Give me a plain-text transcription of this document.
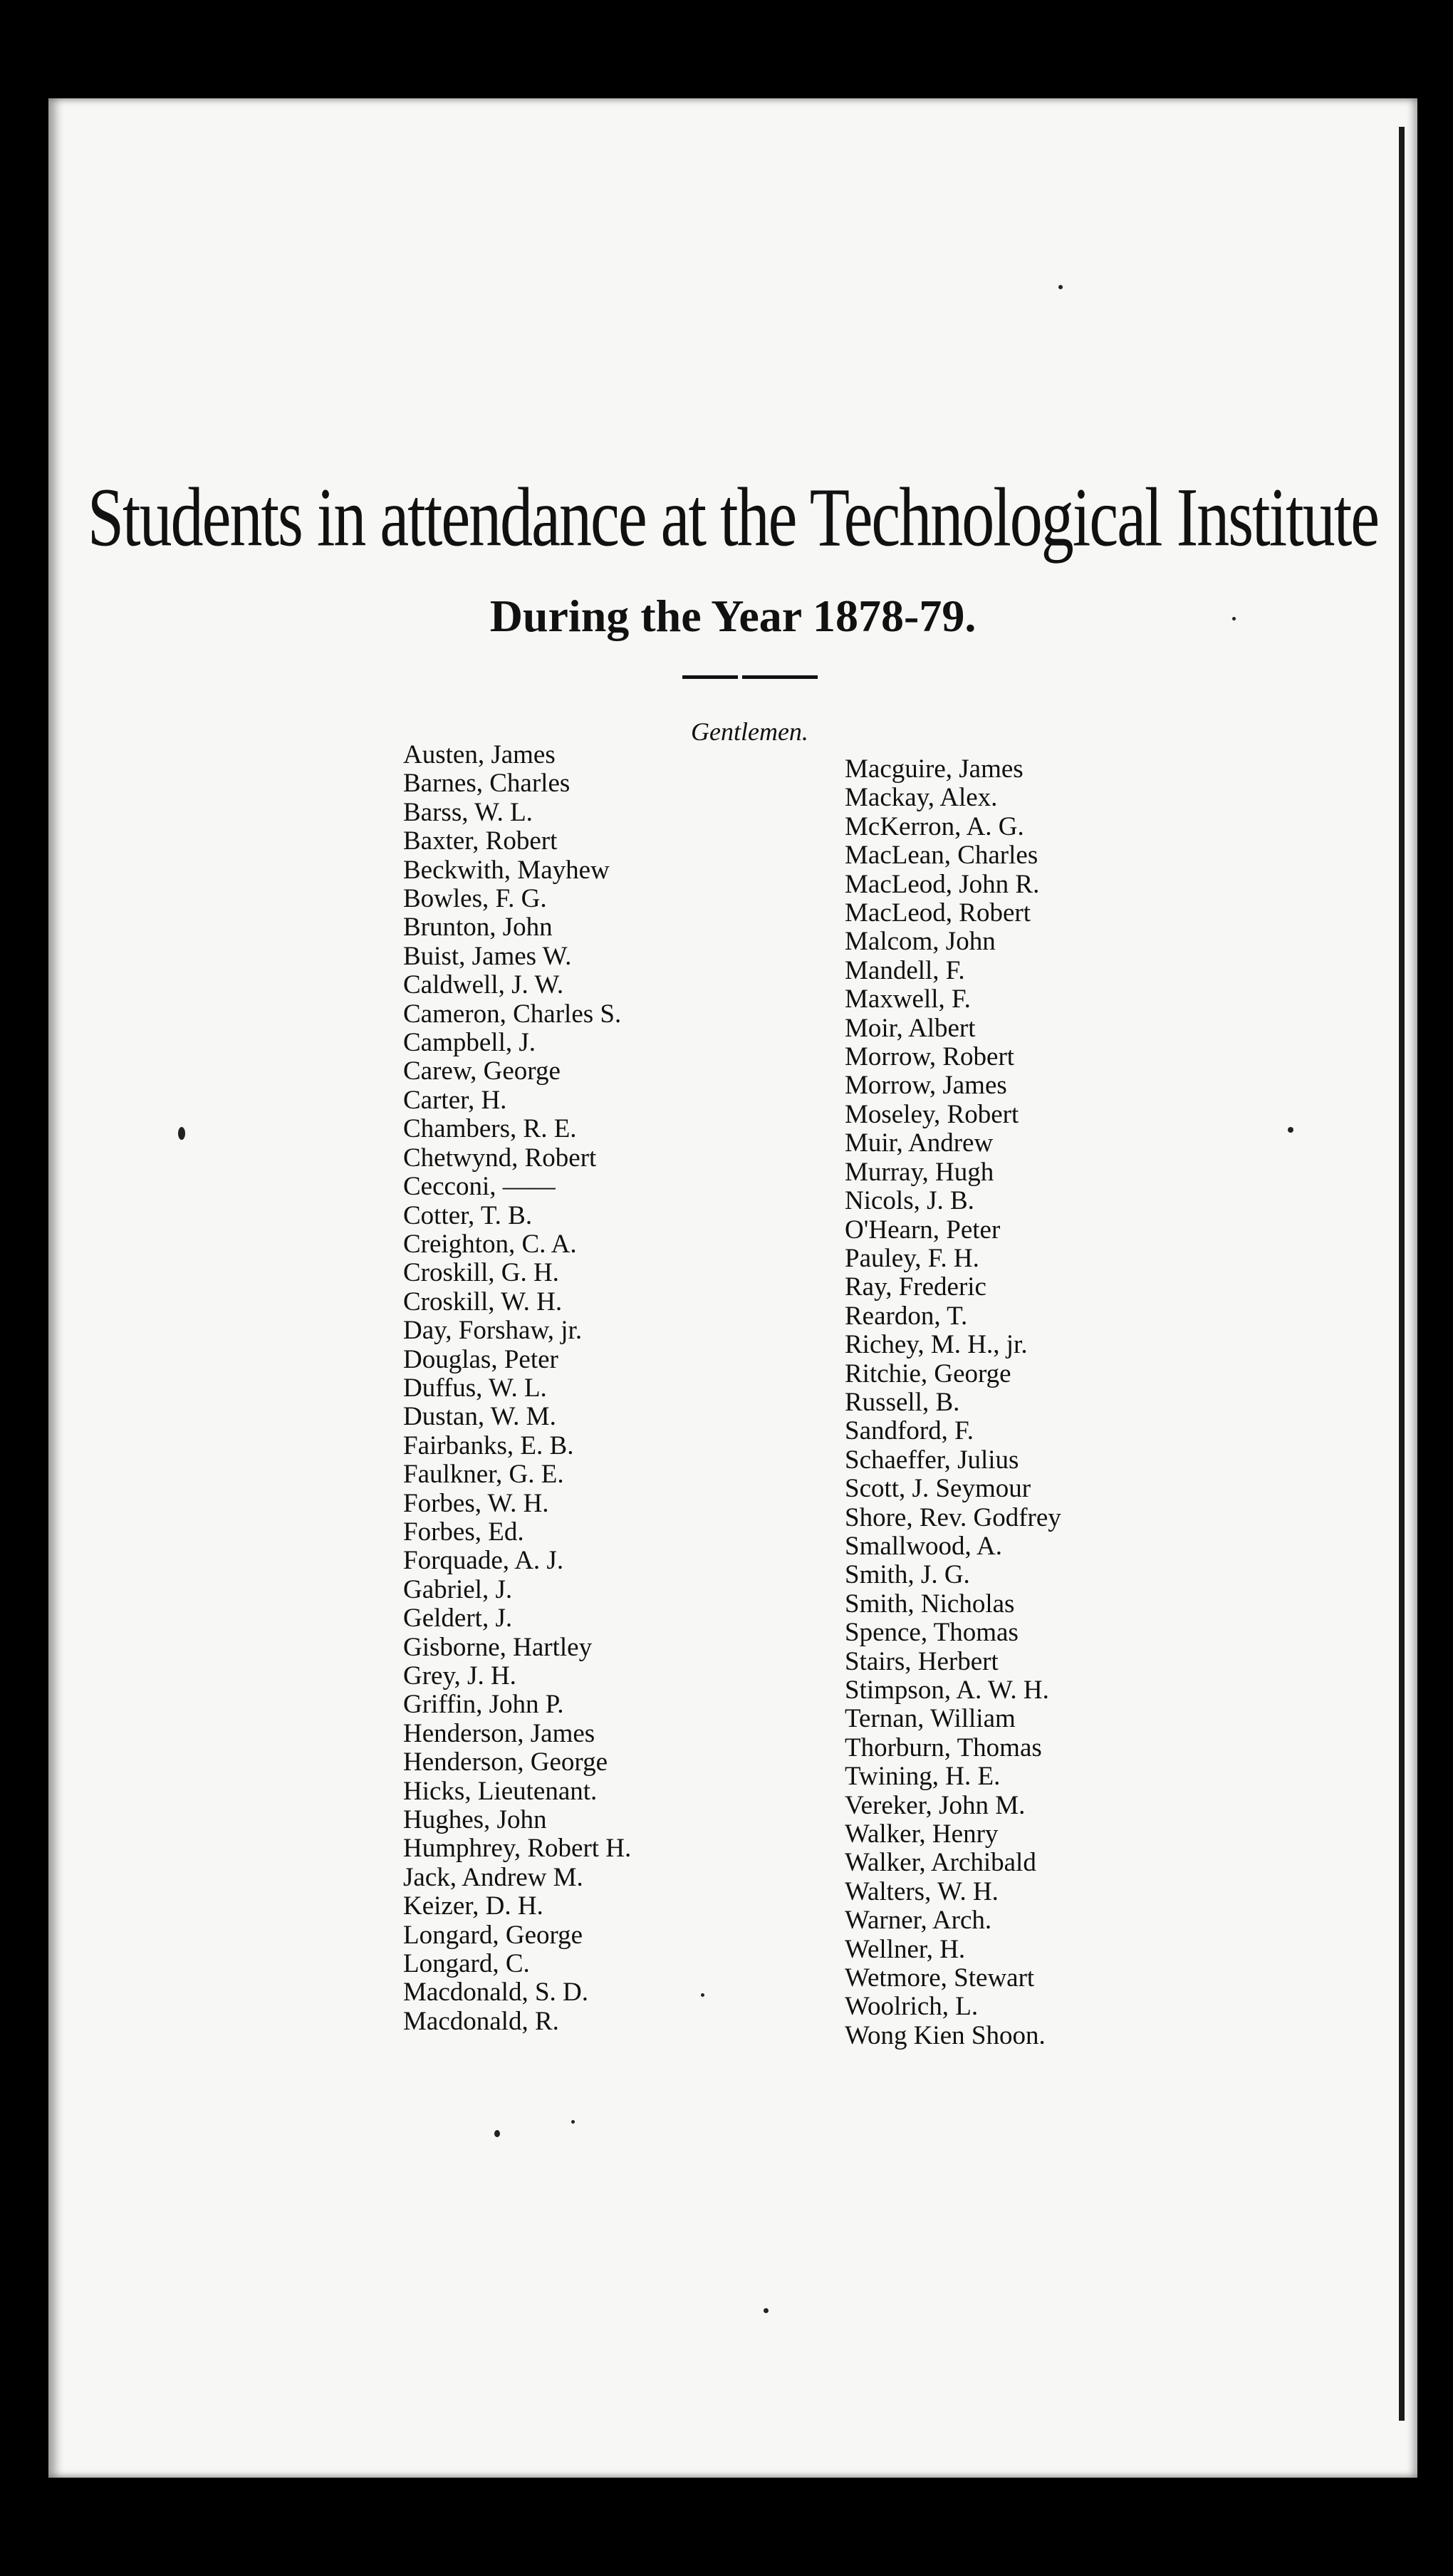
Students in attendance at the Technological Institute
During the Year 1878-79.
Gentlemen.
Austen, James
Barnes, Charles
Barss, W. L.
Baxter, Robert
Beckwith, Mayhew
Bowles, F. G.
Brunton, John
Buist, James W.
Caldwell, J. W.
Cameron, Charles S.
Campbell, J.
Carew, George
Carter, H.
Chambers, R. E.
Chetwynd, Robert
Cecconi, ——
Cotter, T. B.
Creighton, C. A.
Croskill, G. H.
Croskill, W. H.
Day, Forshaw, jr.
Douglas, Peter
Duffus, W. L.
Dustan, W. M.
Fairbanks, E. B.
Faulkner, G. E.
Forbes, W. H.
Forbes, Ed.
Forquade, A. J.
Gabriel, J.
Geldert, J.
Gisborne, Hartley
Grey, J. H.
Griffin, John P.
Henderson, James
Henderson, George
Hicks, Lieutenant.
Hughes, John
Humphrey, Robert H.
Jack, Andrew M.
Keizer, D. H.
Longard, George
Longard, C.
Macdonald, S. D.
Macdonald, R.
Macguire, James
Mackay, Alex.
McKerron, A. G.
MacLean, Charles
MacLeod, John R.
MacLeod, Robert
Malcom, John
Mandell, F.
Maxwell, F.
Moir, Albert
Morrow, Robert
Morrow, James
Moseley, Robert
Muir, Andrew
Murray, Hugh
Nicols, J. B.
O'Hearn, Peter
Pauley, F. H.
Ray, Frederic
Reardon, T.
Richey, M. H., jr.
Ritchie, George
Russell, B.
Sandford, F.
Schaeffer, Julius
Scott, J. Seymour
Shore, Rev. Godfrey
Smallwood, A.
Smith, J. G.
Smith, Nicholas
Spence, Thomas
Stairs, Herbert
Stimpson, A. W. H.
Ternan, William
Thorburn, Thomas
Twining, H. E.
Vereker, John M.
Walker, Henry
Walker, Archibald
Walters, W. H.
Warner, Arch.
Wellner, H.
Wetmore, Stewart
Woolrich, L.
Wong Kien Shoon.
